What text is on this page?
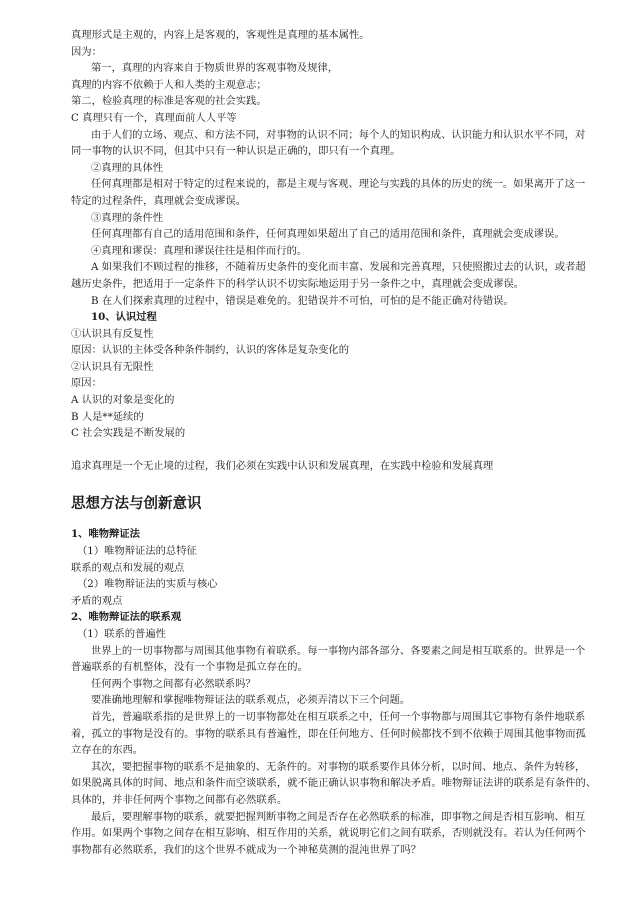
真理形式是主观的，内容上是客观的，客观性是真理的基本属性。
因为：
第一，真理的内容来自于物质世界的客观事物及规律，
真理的内容不依赖于人和人类的主观意志；
第二，检验真理的标准是客观的社会实践。
C 真理只有一个，真理面前人人平等
由于人们的立场、观点、和方法不同，对事物的认识不同；每个人的知识构成、认识能力和认识水平不同，对
同一事物的认识不同，但其中只有一种认识是正确的，即只有一个真理。
②真理的具体性
任何真理都是相对于特定的过程来说的，都是主观与客观、理论与实践的具体的历史的统一。如果离开了这一
特定的过程条件，真理就会变成谬误。
③真理的条件性
任何真理都有自己的适用范围和条件，任何真理如果超出了自己的适用范围和条件，真理就会变成谬误。
④真理和谬误：真理和谬误往往是相伴而行的。
A 如果我们不顾过程的推移，不随着历史条件的变化而丰富、发展和完善真理，只使照搬过去的认识，或者超
越历史条件，把适用于一定条件下的科学认识不切实际地运用于另一条件之中，真理就会变成谬误。
B 在人们探索真理的过程中，错误是难免的。犯错误并不可怕，可怕的是不能正确对待错误。
10、认识过程
①认识具有反复性
原因：认识的主体受各种条件制约，认识的客体是复杂变化的
②认识具有无限性
原因：
A 认识的对象是变化的
B 人是**延续的
C 社会实践是不断发展的
追求真理是一个无止境的过程，我们必须在实践中认识和发展真理，在实践中检验和发展真理
思想方法与创新意识
1、唯物辩证法
（1）唯物辩证法的总特征
联系的观点和发展的观点
（2）唯物辩证法的实质与核心
矛盾的观点
2、唯物辩证法的联系观
（1）联系的普遍性
世界上的一切事物都与周围其他事物有着联系。每一事物内部各部分、各要素之间是相互联系的。世界是一个
普遍联系的有机整体，没有一个事物是孤立存在的。
任何两个事物之间都有必然联系吗？
要准确地理解和掌握唯物辩证法的联系观点，必须弄清以下三个问题。
首先，普遍联系指的是世界上的一切事物都处在相互联系之中，任何一个事物都与周围其它事物有条件地联系
着，孤立的事物是没有的。事物的联系具有普遍性，即在任何地方、任何时候都找不到不依赖于周围其他事物而孤
立存在的东西。
其次，要把握事物的联系不是抽象的、无条件的。对事物的联系要作具体分析，以时间、地点、条件为转移，
如果脱离具体的时间、地点和条件而空谈联系，就不能正确认识事物和解决矛盾。唯物辩证法讲的联系是有条件的、
具体的，并非任何两个事物之间都有必然联系。
最后，要理解事物的联系，就要把握判断事物之间是否存在必然联系的标准，即事物之间是否相互影响、相互
作用。如果两个事物之间存在相互影响、相互作用的关系，就说明它们之间有联系，否则就没有。若认为任何两个
事物都有必然联系，我们的这个世界不就成为一个神秘莫测的混沌世界了吗？
